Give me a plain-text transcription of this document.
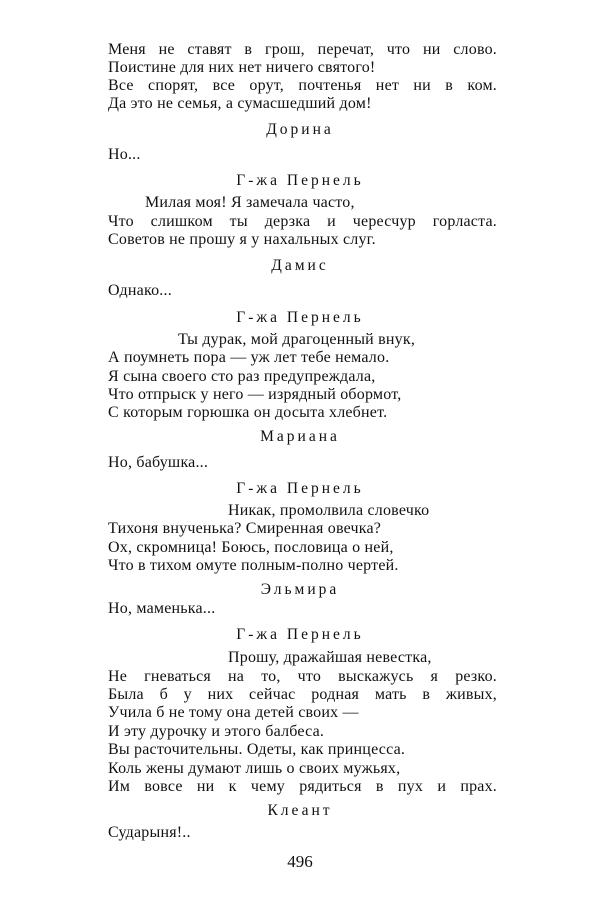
496
Меня не ставят в грош, перечат, что ни слово.
Поистине для них нет ничего святого!
Все спорят, все орут, почтенья нет ни в ком.
Да это не семья, а сумасшедший дом!
Дорина
Но...
Г-жа Пернель
Милая моя! Я замечала часто,
Что слишком ты дерзка и чересчур горласта.
Советов не прошу я у нахальных слуг.
Дамис
Однако...
Г-жа Пернель
Ты дурак, мой драгоценный внук,
А поумнеть пора — уж лет тебе немало.
Я сына своего сто раз предупреждала,
Что отпрыск у него — изрядный обормот,
С которым горюшка он досыта хлебнет.
Мариана
Но, бабушка...
Г-жа Пернель
Никак, промолвила словечко
Тихоня внученька? Смиренная овечка?
Ох, скромница! Боюсь, пословица о ней,
Что в тихом омуте полным-полно чертей.
Эльмира
Но, маменька...
Г-жа Пернель
Прошу, дражайшая невестка,
Не гневаться на то, что выскажусь я резко.
Была б у них сейчас родная мать в живых,
Учила б не тому она детей своих —
И эту дурочку и этого балбеса.
Вы расточительны. Одеты, как принцесса.
Коль жены думают лишь о своих мужьях,
Им вовсе ни к чему рядиться в пух и прах.
Клеант
Сударыня!..
